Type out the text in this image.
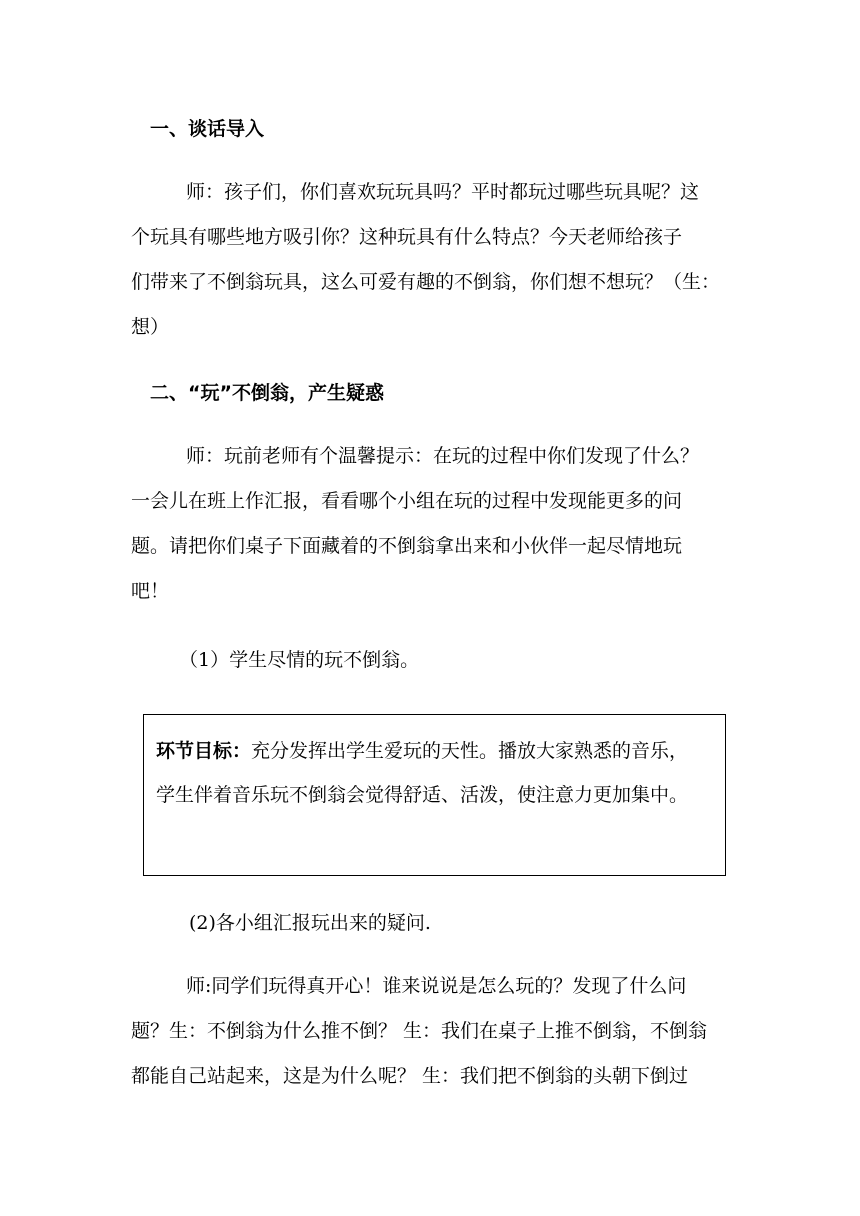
一、谈话导入

师：孩子们，你们喜欢玩玩具吗？平时都玩过哪些玩具呢？这
个玩具有哪些地方吸引你？这种玩具有什么特点？今天老师给孩子
们带来了不倒翁玩具，这么可爱有趣的不倒翁，你们想不想玩？（生：
想）

二、“玩”不倒翁，产生疑惑

师：玩前老师有个温馨提示：在玩的过程中你们发现了什么？
一会儿在班上作汇报，看看哪个小组在玩的过程中发现能更多的问
题。请把你们桌子下面藏着的不倒翁拿出来和小伙伴一起尽情地玩
吧！

（1）学生尽情的玩不倒翁。

环节目标：充分发挥出学生爱玩的天性。播放大家熟悉的音乐，
学生伴着音乐玩不倒翁会觉得舒适、活泼，使注意力更加集中。

(2)各小组汇报玩出来的疑问.

师:同学们玩得真开心！谁来说说是怎么玩的？发现了什么问
题？生：不倒翁为什么推不倒？ 生：我们在桌子上推不倒翁，不倒翁
都能自己站起来，这是为什么呢？ 生：我们把不倒翁的头朝下倒过
